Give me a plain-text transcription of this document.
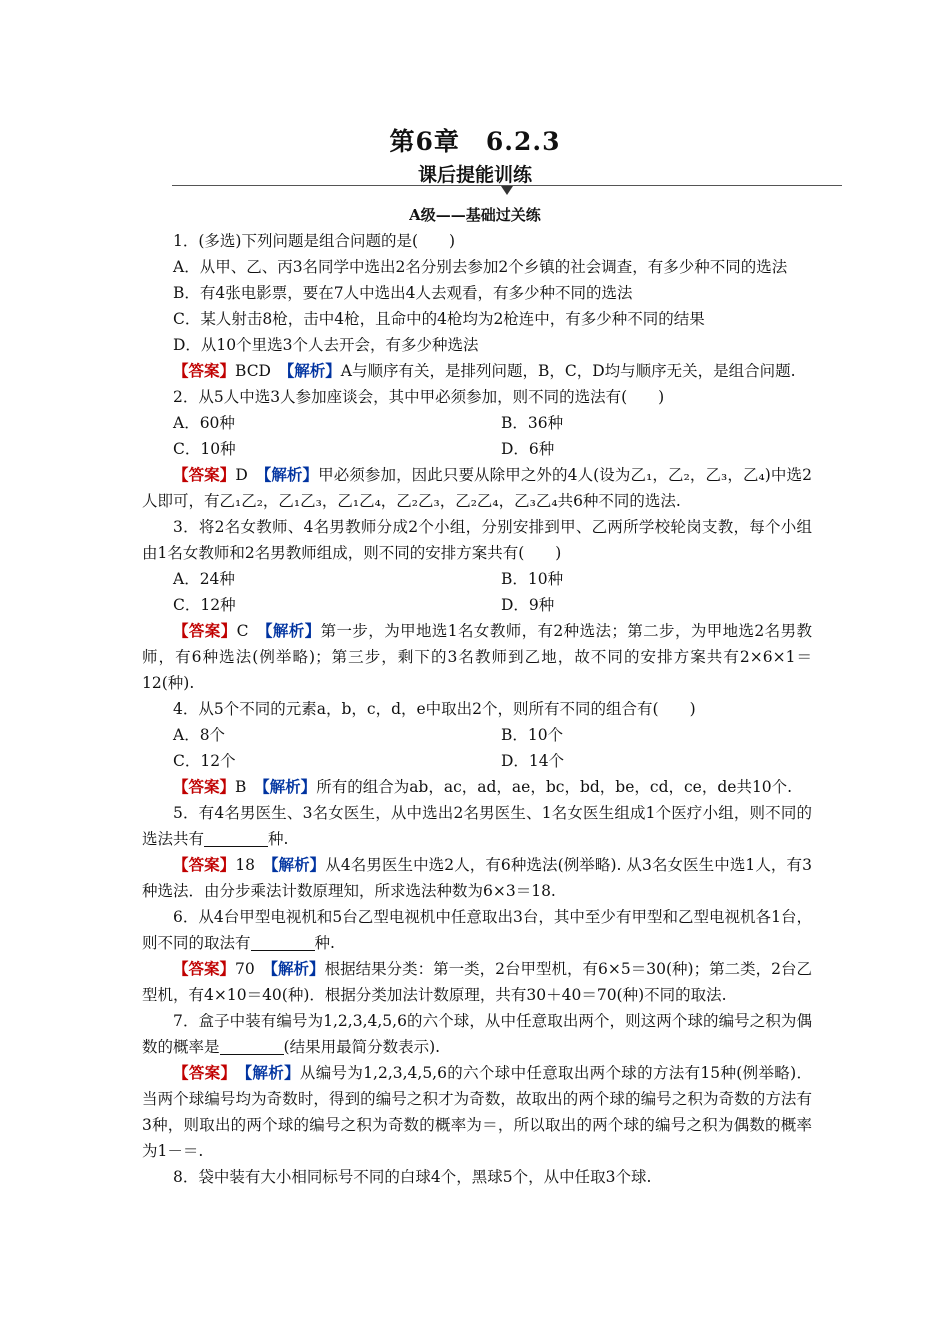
第6章　6.2.3
课后提能训练
A级——基础过关练

1．(多选)下列问题是组合问题的是(　　)

A．从甲、乙、丙3名同学中选出2名分别去参加2个乡镇的社会调查，有多少种不同的选法

B．有4张电影票，要在7人中选出4人去观看，有多少种不同的选法

C．某人射击8枪，击中4枪，且命中的4枪均为2枪连中，有多少种不同的结果

D．从10个里选3个人去开会，有多少种选法

【答案】BCD　 【解析】A与顺序有关，是排列问题，B，C，D均与顺序无关，是组合问题.

2．从5人中选3人参加座谈会，其中甲必须参加，则不同的选法有(　　)

A．60种	B．36种
C．10种	D．6种

【答案】D　 【解析】甲必须参加，因此只要从除甲之外的4人(设为乙₁，乙₂，乙₃，乙₄)中选2人即可，有乙₁乙₂，乙₁乙₃，乙₁乙₄，乙₂乙₃，乙₂乙₄，乙₃乙₄共6种不同的选法.

3．将2名女教师、4名男教师分成2个小组，分别安排到甲、乙两所学校轮岗支教，每个小组由1名女教师和2名男教师组成，则不同的安排方案共有(　　)

A．24种	B．10种
C．12种	D．9种

【答案】C　 【解析】第一步，为甲地选1名女教师，有2种选法；第二步，为甲地选2名男教师，有6种选法(例举略)；第三步，剩下的3名教师到乙地，故不同的安排方案共有2×6×1＝12(种).

4．从5个不同的元素a，b，c，d，e中取出2个，则所有不同的组合有(　　)

A．8个	B．10个
C．12个	D．14个

【答案】B　 【解析】所有的组合为ab，ac，ad，ae，bc，bd，be，cd，ce，de共10个.

5．有4名男医生、3名女医生，从中选出2名男医生、1名女医生组成1个医疗小组，则不同的选法共有	种.

【答案】18　 【解析】从4名男医生中选2人，有6种选法(例举略). 从3名女医生中选1人，有3种选法．由分步乘法计数原理知，所求选法种数为6×3＝18.

6．从4台甲型电视机和5台乙型电视机中任意取出3台，其中至少有甲型和乙型电视机各1台，则不同的取法有	种.

【答案】70　 【解析】根据结果分类：第一类，2台甲型机，有6×5＝30(种)；第二类，2台乙型机，有4×10＝40(种)．根据分类加法计数原理，共有30＋40＝70(种)不同的取法.

7．盒子中装有编号为1,2,3,4,5,6的六个球，从中任意取出两个，则这两个球的编号之积为偶数的概率是	(结果用最简分数表示).

【答案】　 【解析】从编号为1,2,3,4,5,6的六个球中任意取出两个球的方法有15种(例举略)．当两个球编号均为奇数时，得到的编号之积才为奇数，故取出的两个球的编号之积为奇数的方法有3种，则取出的两个球的编号之积为奇数的概率为＝，所以取出的两个球的编号之积为偶数的概率为1－＝.

8．袋中装有大小相同标号不同的白球4个，黑球5个，从中任取3个球.
